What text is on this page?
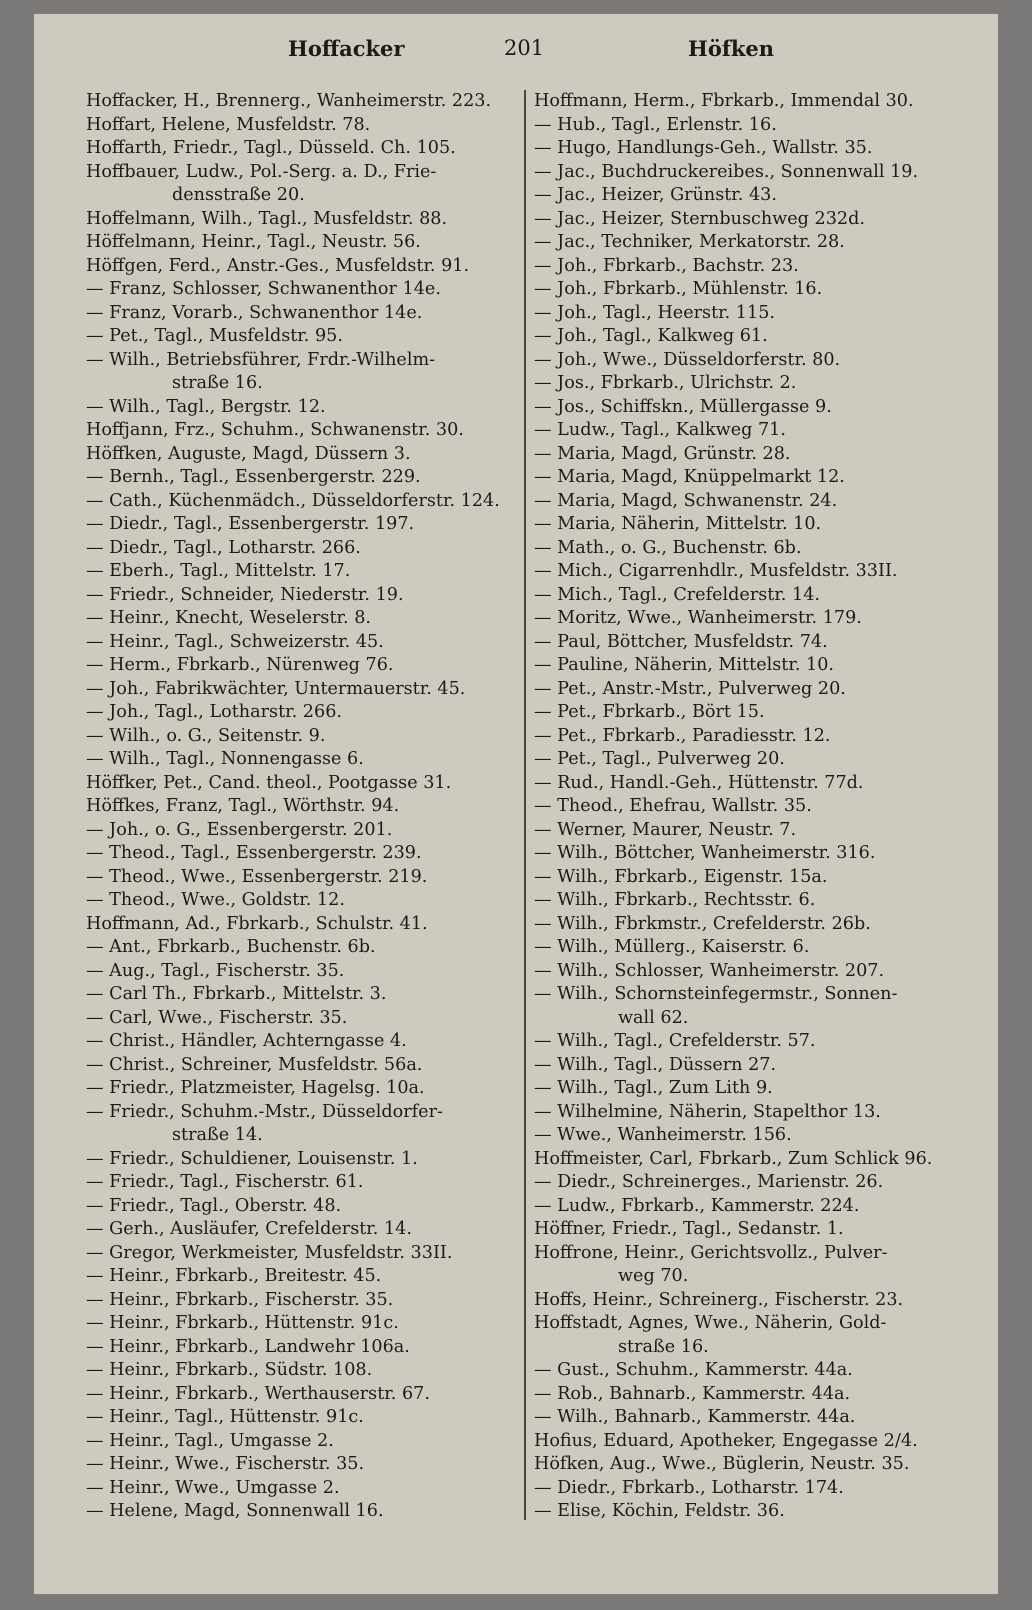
Hoffacker	201	Höfken
Hoffacker, H., Brennerg., Wanheimerstr. 223.
Hoffart, Helene, Musfeldstr. 78.
Hoffarth, Friedr., Tagl., Düsseld. Ch. 105.
Hoffbauer, Ludw., Pol.-Serg. a. D., Frie-
densstraße 20.
Hoffelmann, Wilh., Tagl., Musfeldstr. 88.
Höffelmann, Heinr., Tagl., Neustr. 56.
Höffgen, Ferd., Anstr.-Ges., Musfeldstr. 91.
— Franz, Schlosser, Schwanenthor 14e.
— Franz, Vorarb., Schwanenthor 14e.
— Pet., Tagl., Musfeldstr. 95.
— Wilh., Betriebsführer, Frdr.-Wilhelm-
straße 16.
— Wilh., Tagl., Bergstr. 12.
Hoffjann, Frz., Schuhm., Schwanenstr. 30.
Höffken, Auguste, Magd, Düssern 3.
— Bernh., Tagl., Essenbergerstr. 229.
— Cath., Küchenmädch., Düsseldorferstr. 124.
— Diedr., Tagl., Essenbergerstr. 197.
— Diedr., Tagl., Lotharstr. 266.
— Eberh., Tagl., Mittelstr. 17.
— Friedr., Schneider, Niederstr. 19.
— Heinr., Knecht, Weselerstr. 8.
— Heinr., Tagl., Schweizerstr. 45.
— Herm., Fbrkarb., Nürenweg 76.
— Joh., Fabrikwächter, Untermauerstr. 45.
— Joh., Tagl., Lotharstr. 266.
— Wilh., o. G., Seitenstr. 9.
— Wilh., Tagl., Nonnengasse 6.
Höffker, Pet., Cand. theol., Pootgasse 31.
Höffkes, Franz, Tagl., Wörthstr. 94.
— Joh., o. G., Essenbergerstr. 201.
— Theod., Tagl., Essenbergerstr. 239.
— Theod., Wwe., Essenbergerstr. 219.
— Theod., Wwe., Goldstr. 12.
Hoffmann, Ad., Fbrkarb., Schulstr. 41.
— Ant., Fbrkarb., Buchenstr. 6b.
— Aug., Tagl., Fischerstr. 35.
— Carl Th., Fbrkarb., Mittelstr. 3.
— Carl, Wwe., Fischerstr. 35.
— Christ., Händler, Achterngasse 4.
— Christ., Schreiner, Musfeldstr. 56a.
— Friedr., Platzmeister, Hagelsg. 10a.
— Friedr., Schuhm.-Mstr., Düsseldorfer-
straße 14.
— Friedr., Schuldiener, Louisenstr. 1.
— Friedr., Tagl., Fischerstr. 61.
— Friedr., Tagl., Oberstr. 48.
— Gerh., Ausläufer, Crefelderstr. 14.
— Gregor, Werkmeister, Musfeldstr. 33II.
— Heinr., Fbrkarb., Breitestr. 45.
— Heinr., Fbrkarb., Fischerstr. 35.
— Heinr., Fbrkarb., Hüttenstr. 91c.
— Heinr., Fbrkarb., Landwehr 106a.
— Heinr., Fbrkarb., Südstr. 108.
— Heinr., Fbrkarb., Werthauserstr. 67.
— Heinr., Tagl., Hüttenstr. 91c.
— Heinr., Tagl., Umgasse 2.
— Heinr., Wwe., Fischerstr. 35.
— Heinr., Wwe., Umgasse 2.
— Helene, Magd, Sonnenwall 16.
Hoffmann, Herm., Fbrkarb., Immendal 30.
— Hub., Tagl., Erlenstr. 16.
— Hugo, Handlungs-Geh., Wallstr. 35.
— Jac., Buchdruckereibes., Sonnenwall 19.
— Jac., Heizer, Grünstr. 43.
— Jac., Heizer, Sternbuschweg 232d.
— Jac., Techniker, Merkatorstr. 28.
— Joh., Fbrkarb., Bachstr. 23.
— Joh., Fbrkarb., Mühlenstr. 16.
— Joh., Tagl., Heerstr. 115.
— Joh., Tagl., Kalkweg 61.
— Joh., Wwe., Düsseldorferstr. 80.
— Jos., Fbrkarb., Ulrichstr. 2.
— Jos., Schiffskn., Müllergasse 9.
— Ludw., Tagl., Kalkweg 71.
— Maria, Magd, Grünstr. 28.
— Maria, Magd, Knüppelmarkt 12.
— Maria, Magd, Schwanenstr. 24.
— Maria, Näherin, Mittelstr. 10.
— Math., o. G., Buchenstr. 6b.
— Mich., Cigarrenhdlr., Musfeldstr. 33II.
— Mich., Tagl., Crefelderstr. 14.
— Moritz, Wwe., Wanheimerstr. 179.
— Paul, Böttcher, Musfeldstr. 74.
— Pauline, Näherin, Mittelstr. 10.
— Pet., Anstr.-Mstr., Pulverweg 20.
— Pet., Fbrkarb., Bört 15.
— Pet., Fbrkarb., Paradiesstr. 12.
— Pet., Tagl., Pulverweg 20.
— Rud., Handl.-Geh., Hüttenstr. 77d.
— Theod., Ehefrau, Wallstr. 35.
— Werner, Maurer, Neustr. 7.
— Wilh., Böttcher, Wanheimerstr. 316.
— Wilh., Fbrkarb., Eigenstr. 15a.
— Wilh., Fbrkarb., Rechtsstr. 6.
— Wilh., Fbrkmstr., Crefelderstr. 26b.
— Wilh., Müllerg., Kaiserstr. 6.
— Wilh., Schlosser, Wanheimerstr. 207.
— Wilh., Schornsteinfegermstr., Sonnen-
wall 62.
— Wilh., Tagl., Crefelderstr. 57.
— Wilh., Tagl., Düssern 27.
— Wilh., Tagl., Zum Lith 9.
— Wilhelmine, Näherin, Stapelthor 13.
— Wwe., Wanheimerstr. 156.
Hoffmeister, Carl, Fbrkarb., Zum Schlick 96.
— Diedr., Schreinerges., Marienstr. 26.
— Ludw., Fbrkarb., Kammerstr. 224.
Höffner, Friedr., Tagl., Sedanstr. 1.
Hoffrone, Heinr., Gerichtsvollz., Pulver-
weg 70.
Hoffs, Heinr., Schreinerg., Fischerstr. 23.
Hoffstadt, Agnes, Wwe., Näherin, Gold-
straße 16.
— Gust., Schuhm., Kammerstr. 44a.
— Rob., Bahnarb., Kammerstr. 44a.
— Wilh., Bahnarb., Kammerstr. 44a.
Hofius, Eduard, Apotheker, Engegasse 2/4.
Höfken, Aug., Wwe., Büglerin, Neustr. 35.
— Diedr., Fbrkarb., Lotharstr. 174.
— Elise, Köchin, Feldstr. 36.
